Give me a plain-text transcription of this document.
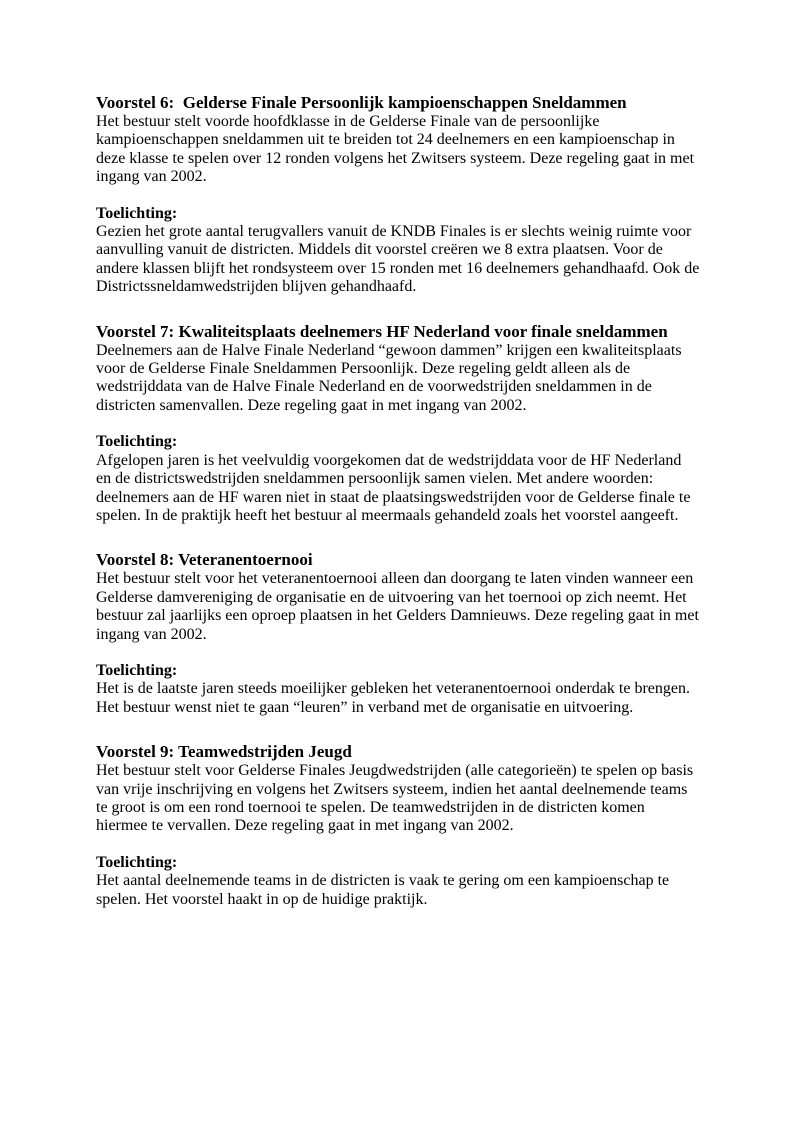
Voorstel 6:  Gelderse Finale Persoonlijk kampioenschappen Sneldammen

Het bestuur stelt voorde hoofdklasse in de Gelderse Finale van de persoonlijke kampioenschappen sneldammen uit te breiden tot 24 deelnemers en een kampioenschap in deze klasse te spelen over 12 ronden volgens het Zwitsers systeem. Deze regeling gaat in met ingang van 2002.

Toelichting:

Gezien het grote aantal terugvallers vanuit de KNDB Finales is er slechts weinig ruimte voor aanvulling vanuit de districten. Middels dit voorstel creëren we 8 extra plaatsen. Voor de andere klassen blijft het rondsysteem over 15 ronden met 16 deelnemers gehandhaafd. Ook de Districtssneldamwedstrijden blijven gehandhaafd.

Voorstel 7: Kwaliteitsplaats deelnemers HF Nederland voor finale sneldammen

Deelnemers aan de Halve Finale Nederland “gewoon dammen” krijgen een kwaliteitsplaats voor de Gelderse Finale Sneldammen Persoonlijk. Deze regeling geldt alleen als de wedstrijddata van de Halve Finale Nederland en de voorwedstrijden sneldammen in de districten samenvallen. Deze regeling gaat in met ingang van 2002.

Toelichting:

Afgelopen jaren is het veelvuldig voorgekomen dat de wedstrijddata voor de HF Nederland en de districtswedstrijden sneldammen persoonlijk samen vielen. Met andere woorden: deelnemers aan de HF waren niet in staat de plaatsingswedstrijden voor de Gelderse finale te spelen. In de praktijk heeft het bestuur al meermaals gehandeld zoals het voorstel aangeeft.

Voorstel 8: Veteranentoernooi

Het bestuur stelt voor het veteranentoernooi alleen dan doorgang te laten vinden wanneer een Gelderse damvereniging de organisatie en de uitvoering van het toernooi op zich neemt. Het bestuur zal jaarlijks een oproep plaatsen in het Gelders Damnieuws. Deze regeling gaat in met ingang van 2002.

Toelichting:

Het is de laatste jaren steeds moeilijker gebleken het veteranentoernooi onderdak te brengen. Het bestuur wenst niet te gaan “leuren” in verband met de organisatie en uitvoering.

Voorstel 9: Teamwedstrijden Jeugd

Het bestuur stelt voor Gelderse Finales Jeugdwedstrijden (alle categorieën) te spelen op basis van vrije inschrijving en volgens het Zwitsers systeem, indien het aantal deelnemende teams te groot is om een rond toernooi te spelen. De teamwedstrijden in de districten komen hiermee te vervallen. Deze regeling gaat in met ingang van 2002.

Toelichting:

Het aantal deelnemende teams in de districten is vaak te gering om een kampioenschap te spelen. Het voorstel haakt in op de huidige praktijk.
